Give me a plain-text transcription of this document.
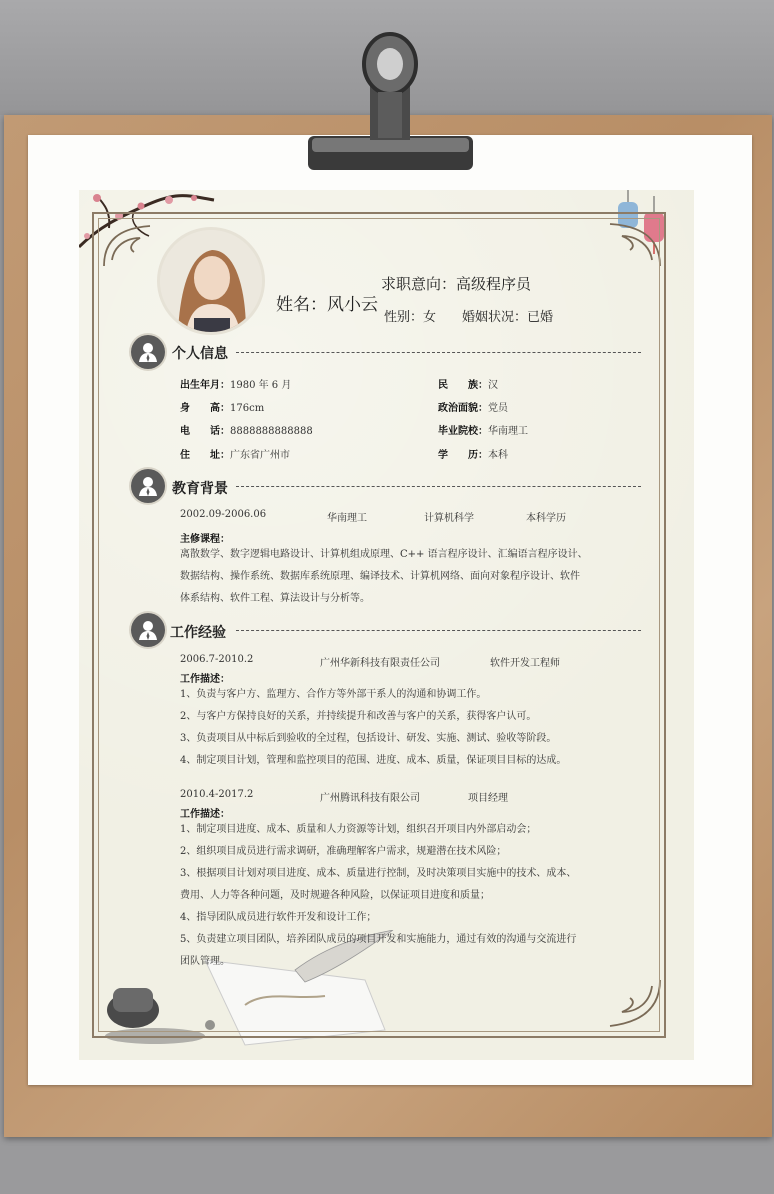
姓名：风小云
求职意向：高级程序员
性别：女 婚姻状况：已婚
个人信息
出生年月：1980 年 6 月
身　　高：176cm
电　　话：8888888888888
住　　址：广东省广州市
民　　族：汉
政治面貌：党员
毕业院校：华南理工
学　　历：本科
教育背景
2002.09-2006.06	华南理工	计算机科学	本科学历
主修课程：
离散数学、数字逻辑电路设计、计算机组成原理、C++ 语言程序设计、汇编语言程序设计、
数据结构、操作系统、数据库系统原理、编译技术、计算机网络、面向对象程序设计、软件
体系结构、软件工程、算法设计与分析等。
工作经验
2006.7-2010.2	广州华新科技有限责任公司	软件开发工程师
工作描述：
1、负责与客户方、监理方、合作方等外部干系人的沟通和协调工作。
2、与客户方保持良好的关系，并持续提升和改善与客户的关系，获得客户认可。
3、负责项目从中标后到验收的全过程，包括设计、研发、实施、测试、验收等阶段。
4、制定项目计划，管理和监控项目的范围、进度、成本、质量，保证项目目标的达成。
2010.4-2017.2	广州腾讯科技有限公司	项目经理
工作描述：
1、制定项目进度、成本、质量和人力资源等计划，组织召开项目内外部启动会；
2、组织项目成员进行需求调研，准确理解客户需求，规避潜在技术风险；
3、根据项目计划对项目进度、成本、质量进行控制，及时决策项目实施中的技术、成本、
费用、人力等各种问题，及时规避各种风险，以保证项目进度和质量；
4、指导团队成员进行软件开发和设计工作；
5、负责建立项目团队，培养团队成员的项目开发和实施能力，通过有效的沟通与交流进行
团队管理。
